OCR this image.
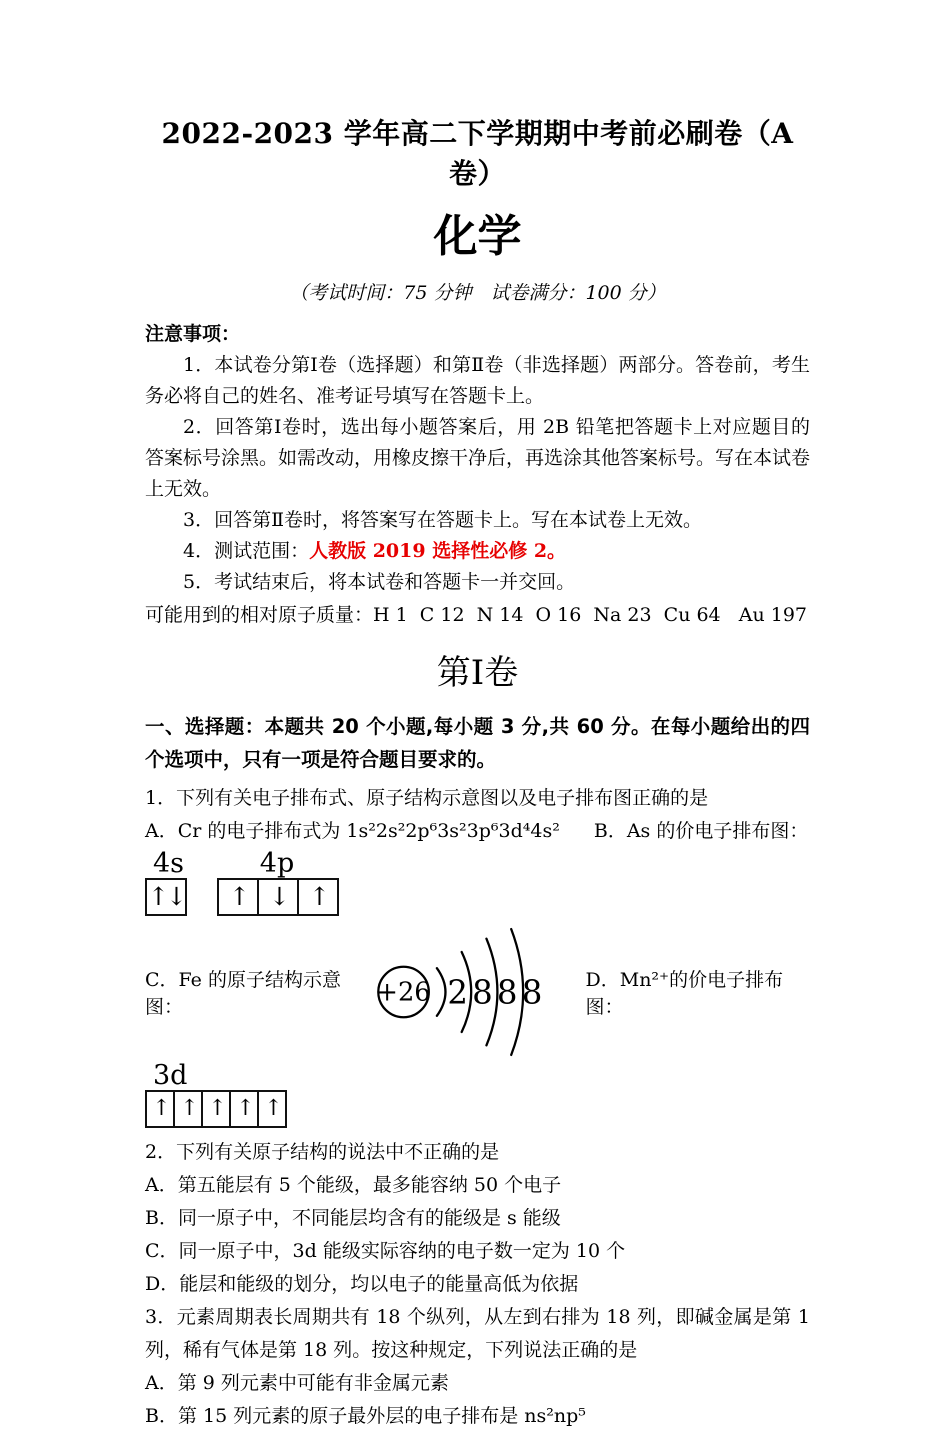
2022-2023 学年高二下学期期中考前必刷卷（A 卷）
化学
（考试时间：75 分钟　试卷满分：100 分）
注意事项：

1．本试卷分第Ⅰ卷（选择题）和第Ⅱ卷（非选择题）两部分。答卷前，考生务必将自己的姓名、准考证号填写在答题卡上。

2．回答第Ⅰ卷时，选出每小题答案后，用 2B 铅笔把答题卡上对应题目的答案标号涂黑。如需改动，用橡皮擦干净后，再选涂其他答案标号。写在本试卷上无效。

3．回答第Ⅱ卷时，将答案写在答题卡上。写在本试卷上无效。

4．测试范围：人教版 2019 选择性必修 2。

5．考试结束后，将本试卷和答题卡一并交回。

可能用到的相对原子质量：H 1  C 12  N 14  O 16  Na 23  Cu 64   Au 197

第Ⅰ卷

一、选择题：本题共 20 个小题,每小题 3 分,共 60 分。在每小题给出的四个选项中，只有一项是符合题目要求的。

1．下列有关电子排布式、原子结构示意图以及电子排布图正确的是

A．Cr 的电子排布式为 1s²2s²2p⁶3s²3p⁶3d⁴4s² B．As 的价电子排布图：

4s
↑↓
4p
↑ ↓ ↑
C．Fe 的原子结构示意图：	+26 2 8 8 8 D．Mn²⁺的价电子排布图：
3d
↑ ↑ ↑ ↑ ↑

2．下列有关原子结构的说法中不正确的是

A．第五能层有 5 个能级，最多能容纳 50 个电子

B．同一原子中，不同能层均含有的能级是 s 能级

C．同一原子中，3d 能级实际容纳的电子数一定为 10 个

D．能层和能级的划分，均以电子的能量高低为依据

3．元素周期表长周期共有 18 个纵列，从左到右排为 18 列，即碱金属是第 1 列，稀有气体是第 18 列。按这种规定，下列说法正确的是

A．第 9 列元素中可能有非金属元素

B．第 15 列元素的原子最外层的电子排布是 ns²np⁵
